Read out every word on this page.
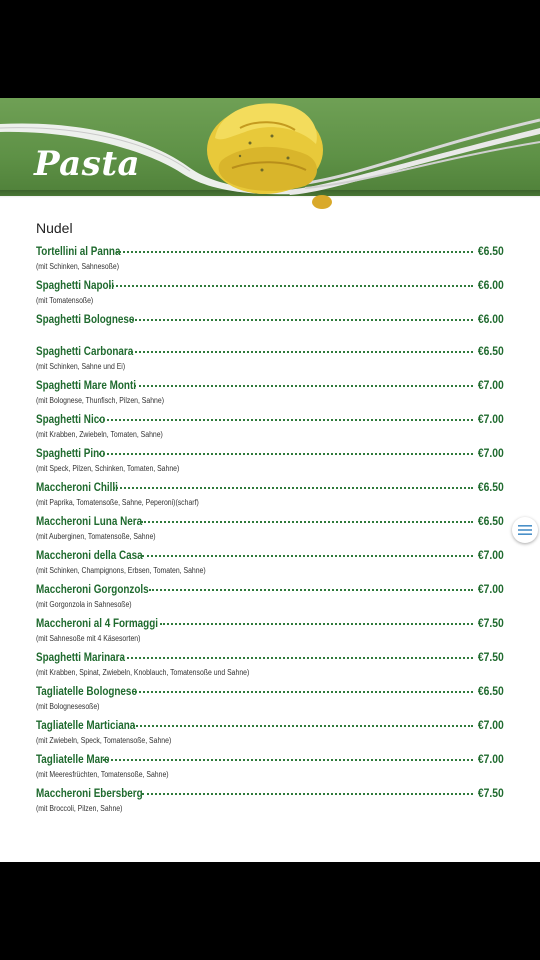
Pasta
Nudel
Tortellini al Panna	€6.50
(mit Schinken, Sahnesoße)
Spaghetti Napoli	€6.00
(mit Tomatensoße)
Spaghetti Bolognese	€6.00
Spaghetti Carbonara	€6.50
(mit Schinken, Sahne und Ei)
Spaghetti Mare Monti	€7.00
(mit Bolognese, Thunfisch, Pilzen, Sahne)
Spaghetti Nico	€7.00
(mit Krabben, Zwiebeln, Tomaten, Sahne)
Spaghetti Pino	€7.00
(mit Speck, Pilzen, Schinken, Tomaten, Sahne)
Maccheroni Chilli	€6.50
(mit Paprika, Tomatensoße, Sahne, Peperoni)(scharf)
Maccheroni Luna Nera	€6.50
(mit Auberginen, Tomatensoße, Sahne)
Maccheroni della Casa	€7.00
(mit Schinken, Champignons, Erbsen, Tomaten, Sahne)
Maccheroni Gorgonzols	€7.00
(mit Gorgonzola in Sahnesoße)
Maccheroni al 4 Formaggi	€7.50
(mit Sahnesoße mit 4 Käsesorten)
Spaghetti Marinara	€7.50
(mit Krabben, Spinat, Zwiebeln, Knoblauch, Tomatensoße und Sahne)
Tagliatelle Bolognese	€6.50
(mit Bolognesesoße)
Tagliatelle Marticiana	€7.00
(mit Zwiebeln, Speck, Tomatensoße, Sahne)
Tagliatelle Mare	€7.00
(mit Meeresfrüchten, Tomatensoße, Sahne)
Maccheroni Ebersberg	€7.50
(mit Broccoli, Pilzen, Sahne)
